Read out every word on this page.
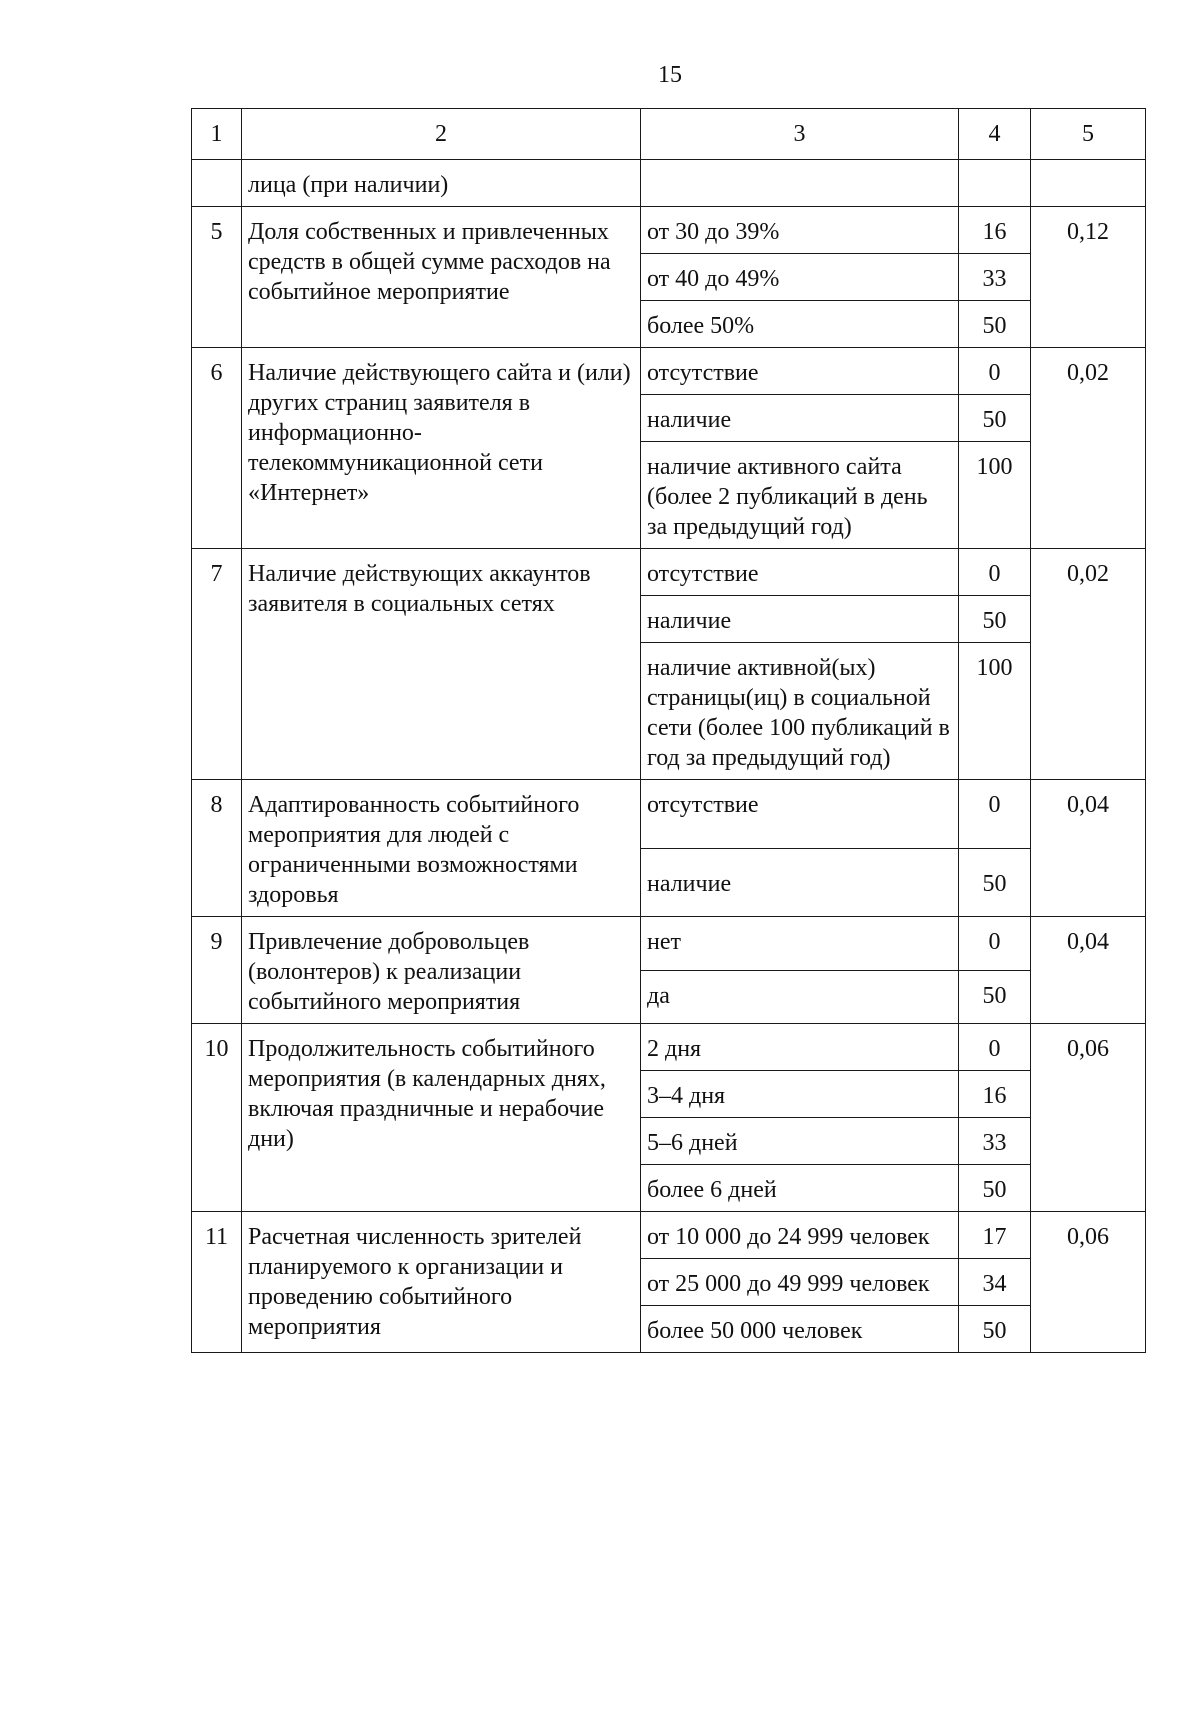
15
1	2	3	4	5
	лица (при наличии)			
5	Доля собственных и привлеченных средств в общей сумме расходов на событийное мероприятие	от 30 до 39%	16	0,12
		от 40 до 49%	33	
		более 50%	50	
6	Наличие действующего сайта и (или) других страниц заявителя в информационно-телекоммуникационной сети «Интернет»	отсутствие	0	0,02
		наличие	50	
		наличие активного сайта (более 2 публикаций в день за предыдущий год)	100	
7	Наличие действующих аккаунтов заявителя в социальных сетях	отсутствие	0	0,02
		наличие	50	
		наличие активной(ых) страницы(иц) в социальной сети (более 100 публикаций в год за предыдущий год)	100	
8	Адаптированность событийного мероприятия для людей с ограниченными возможностями здоровья	отсутствие	0	0,04
		наличие	50	
9	Привлечение добровольцев (волонтеров) к реализации событийного мероприятия	нет	0	0,04
		да	50	
10	Продолжительность событийного мероприятия (в календарных днях, включая праздничные и нерабочие дни)	2 дня	0	0,06
		3–4 дня	16	
		5–6 дней	33	
		более 6 дней	50	
11	Расчетная численность зрителей планируемого к организации и проведению событийного мероприятия	от 10 000 до 24 999 человек	17	0,06
		от 25 000 до 49 999 человек	34	
		более 50 000 человек	50	
